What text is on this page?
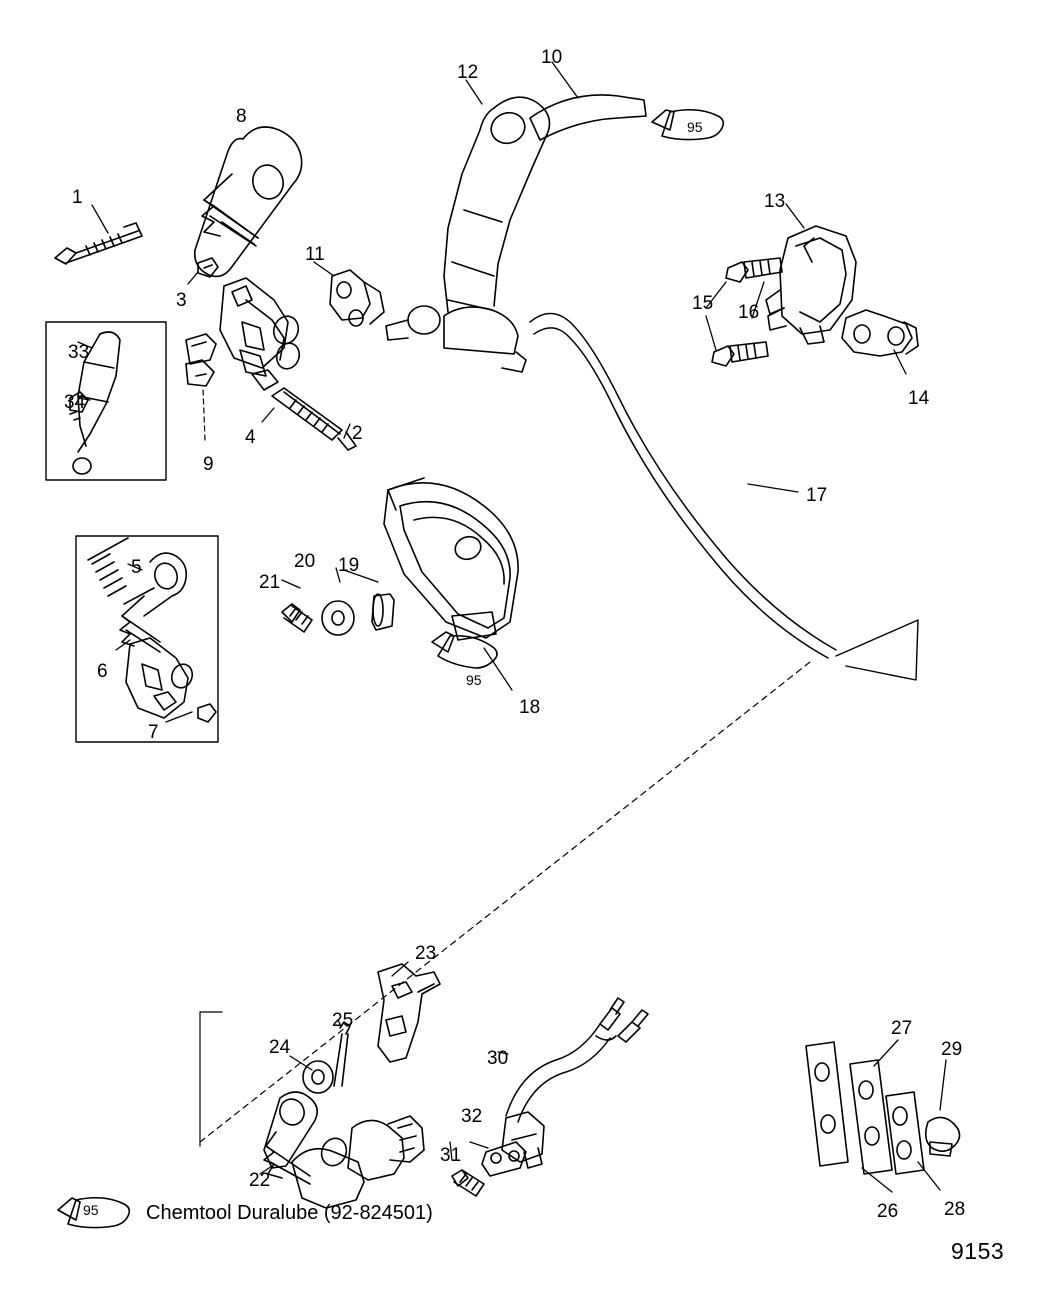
95
95
95
1
2
3
4
5
6
7
8
9
10
11
12
13
14
15 16
17
18
19
20
21
22
23
24
25
26
27
28
29
30
31
32
33
34
Chemtool Duralube (92-824501)
9153
